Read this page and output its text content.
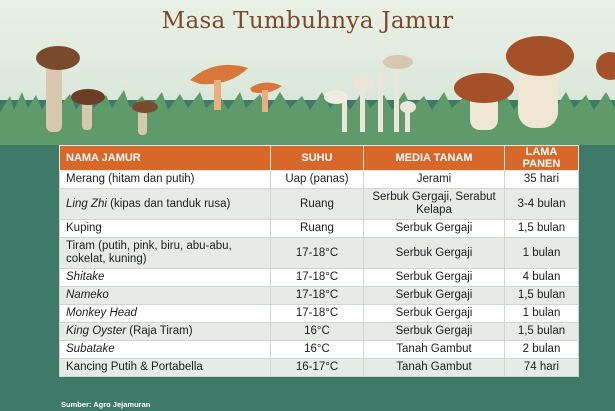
Masa Tumbuhnya Jamur
NAMA JAMUR	SUHU	MEDIA TANAM	LAMA PANEN
Merang (hitam dan putih)	Uap (panas)	Jerami	35 hari
Ling Zhi (kipas dan tanduk rusa)	Ruang	Serbuk Gergaji, Serabut Kelapa	3-4 bulan
Kuping	Ruang	Serbuk Gergaji	1,5 bulan
Tiram (putih, pink, biru, abu-abu, cokelat, kuning)	17-18°C	Serbuk Gergaji	1 bulan
Shitake	17-18°C	Serbuk Gergaji	4 bulan
Nameko	17-18°C	Serbuk Gergaji	1,5 bulan
Monkey Head	17-18°C	Serbuk Gergaji	1 bulan
King Oyster (Raja Tiram)	16°C	Serbuk Gergaji	1,5 bulan
Subatake	16°C	Tanah Gambut	2 bulan
Kancing Putih & Portabella	16-17°C	Tanah Gambut	74 hari
Sumber: Agro Jejamuran
